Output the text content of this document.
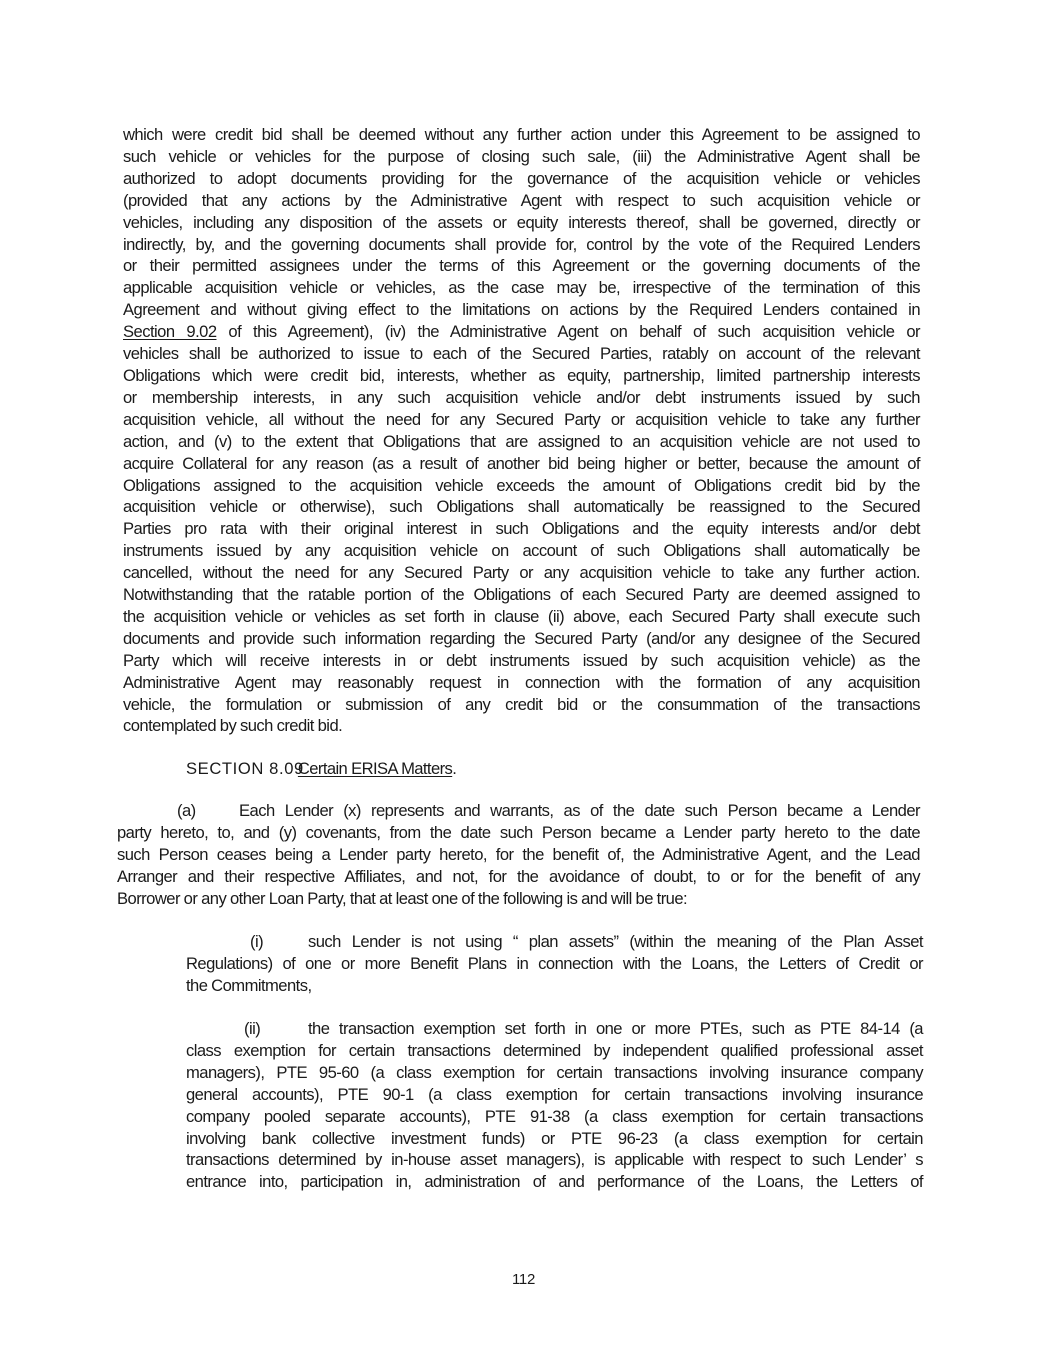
which were credit bid shall be deemed without any further action under this Agreement to be assigned to
such vehicle or vehicles for the purpose of closing such sale, (iii) the Administrative Agent shall be
authorized to adopt documents providing for the governance of the acquisition vehicle or vehicles
(provided that any actions by the Administrative Agent with respect to such acquisition vehicle or
vehicles, including any disposition of the assets or equity interests thereof, shall be governed, directly or
indirectly, by, and the governing documents shall provide for, control by the vote of the Required Lenders
or their permitted assignees under the terms of this Agreement or the governing documents of the
applicable acquisition vehicle or vehicles, as the case may be, irrespective of the termination of this
Agreement and without giving effect to the limitations on actions by the Required Lenders contained in
Section 9.02 of this Agreement), (iv) the Administrative Agent on behalf of such acquisition vehicle or
vehicles shall be authorized to issue to each of the Secured Parties, ratably on account of the relevant
Obligations which were credit bid, interests, whether as equity, partnership, limited partnership interests
or membership interests, in any such acquisition vehicle and/or debt instruments issued by such
acquisition vehicle, all without the need for any Secured Party or acquisition vehicle to take any further
action, and (v) to the extent that Obligations that are assigned to an acquisition vehicle are not used to
acquire Collateral for any reason (as a result of another bid being higher or better, because the amount of
Obligations assigned to the acquisition vehicle exceeds the amount of Obligations credit bid by the
acquisition vehicle or otherwise), such Obligations shall automatically be reassigned to the Secured
Parties pro rata with their original interest in such Obligations and the equity interests and/or debt
instruments issued by any acquisition vehicle on account of such Obligations shall automatically be
cancelled, without the need for any Secured Party or any acquisition vehicle to take any further action.
Notwithstanding that the ratable portion of the Obligations of each Secured Party are deemed assigned to
the acquisition vehicle or vehicles as set forth in clause (ii) above, each Secured Party shall execute such
documents and provide such information regarding the Secured Party (and/or any designee of the Secured
Party which will receive interests in or debt instruments issued by such acquisition vehicle) as the
Administrative Agent may reasonably request in connection with the formation of any acquisition
vehicle, the formulation or submission of any credit bid or the consummation of the transactions
contemplated by such credit bid.
SECTION 8.09Certain ERISA Matters.
(a)	Each Lender (x) represents and warrants, as of the date such Person became a Lender
party hereto, to, and (y) covenants, from the date such Person became a Lender party hereto to the date
such Person ceases being a Lender party hereto, for the benefit of, the Administrative Agent, and the Lead
Arranger and their respective Affiliates, and not, for the avoidance of doubt, to or for the benefit of any
Borrower or any other Loan Party, that at least one of the following is and will be true:
(i)	such Lender is not using “ plan assets” (within the meaning of the Plan Asset
Regulations) of one or more Benefit Plans in connection with the Loans, the Letters of Credit or
the Commitments,
(ii)	the transaction exemption set forth in one or more PTEs, such as PTE 84-14 (a
class exemption for certain transactions determined by independent qualified professional asset
managers), PTE 95-60 (a class exemption for certain transactions involving insurance company
general accounts), PTE 90-1 (a class exemption for certain transactions involving insurance
company pooled separate accounts), PTE 91-38 (a class exemption for certain transactions
involving bank collective investment funds) or PTE 96-23 (a class exemption for certain
transactions determined by in-house asset managers), is applicable with respect to such Lender’ s
entrance into, participation in, administration of and performance of the Loans, the Letters of
112
